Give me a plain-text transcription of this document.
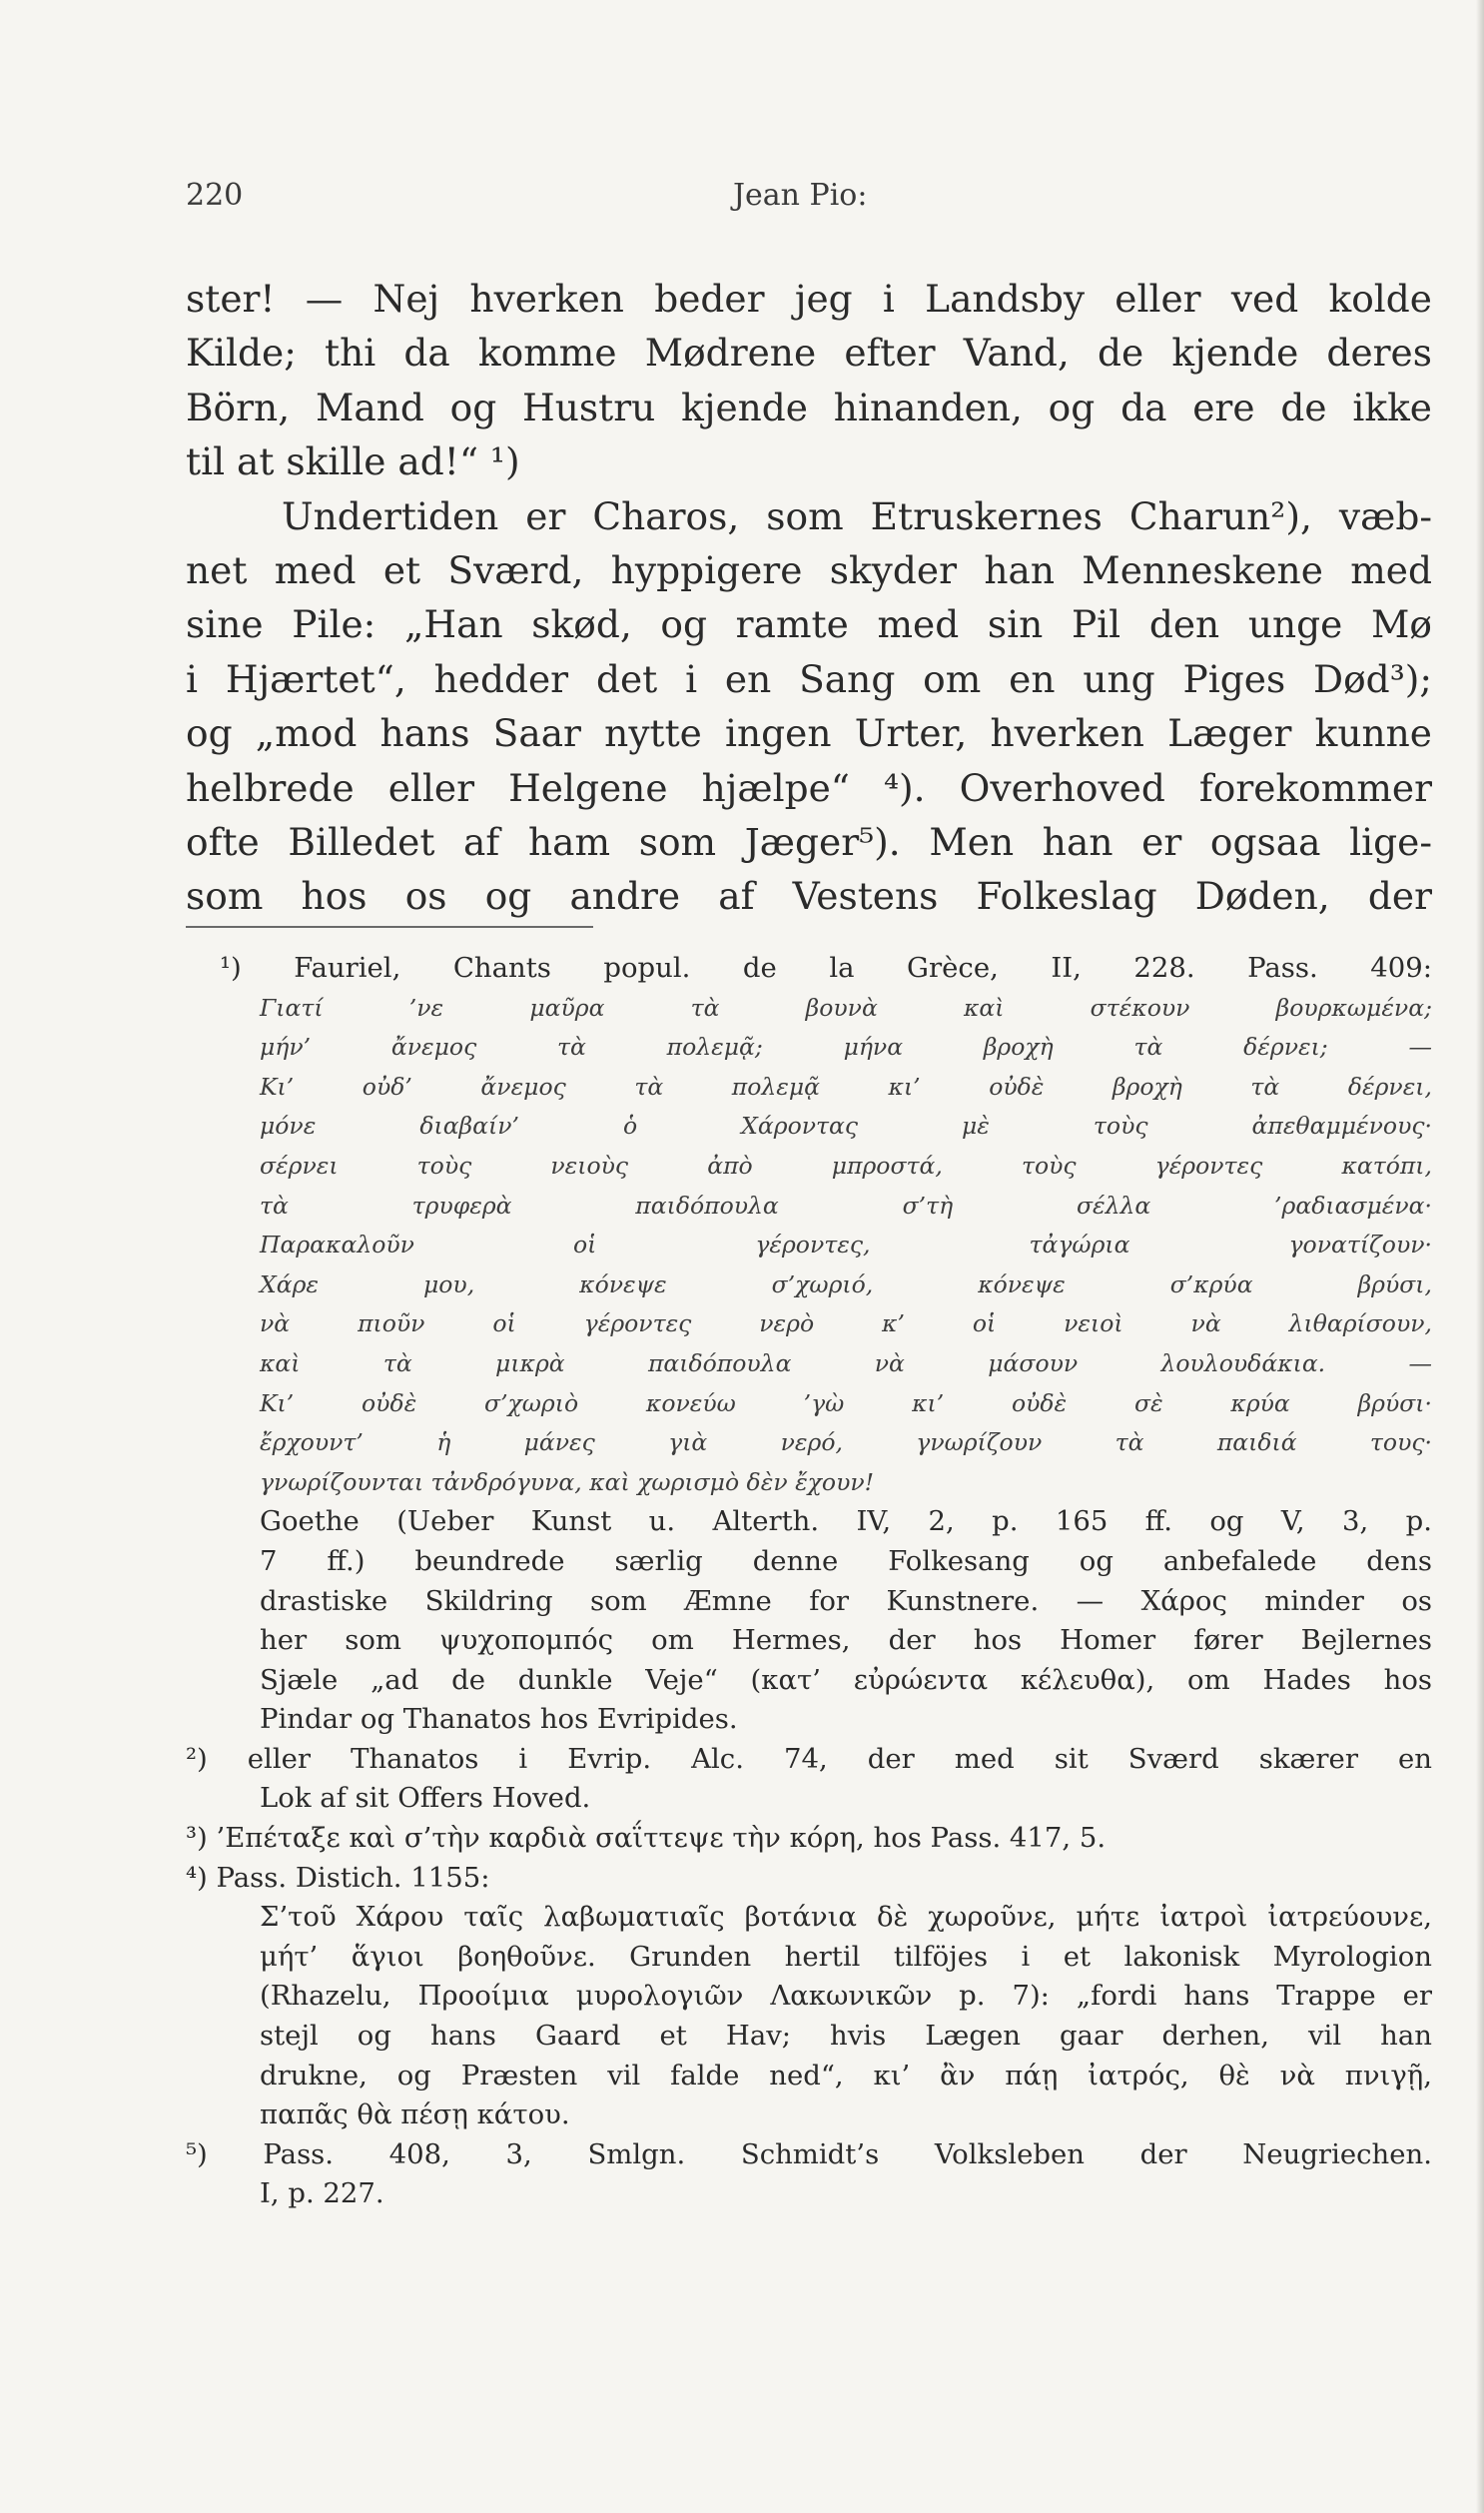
220	Jean Pio:
ster! — Nej hverken beder jeg i Landsby eller ved kolde
Kilde; thi da komme Mødrene efter Vand, de kjende deres
Börn, Mand og Hustru kjende hinanden, og da ere de ikke
til at skille ad!“ ¹)
Undertiden er Charos, som Etruskernes Charun²), væb-
net med et Sværd, hyppigere skyder han Menneskene med
sine Pile: „Han skød, og ramte med sin Pil den unge Mø
i Hjærtet“, hedder det i en Sang om en ung Piges Død³);
og „mod hans Saar nytte ingen Urter, hverken Læger kunne
helbrede eller Helgene hjælpe“ ⁴). Overhoved forekommer
ofte Billedet af ham som Jæger⁵). Men han er ogsaa lige-
som hos os og andre af Vestens Folkeslag Døden, der
¹) Fauriel, Chants popul. de la Grèce, II, 228. Pass. 409:
Γιατί ’νε μαῦρα τὰ βουνὰ καὶ στέκουν βουρκωμένα;
μήν’ ἄνεμος τὰ πολεμᾷ; μήνα βροχὴ τὰ δέρνει; —
Κι’ οὐδ’ ἄνεμος τὰ πολεμᾷ κι’ οὐδὲ βροχὴ τὰ δέρνει,
μόνε διαβαίν’ ὁ Χάροντας μὲ τοὺς ἀπεθαμμένους·
σέρνει τοὺς νειοὺς ἀπὸ μπροστά, τοὺς γέροντες κατόπι,
τὰ τρυφερὰ παιδόπουλα σ’τὴ σέλλα ’ραδιασμένα·
Παρακαλοῦν οἱ γέροντες, τἀγώρια γονατίζουν·
Χάρε μου, κόνεψε σ’χωριό, κόνεψε σ’κρύα βρύσι,
νὰ πιοῦν οἱ γέροντες νερὸ κ’ οἱ νειοὶ νὰ λιθαρίσουν,
καὶ τὰ μικρὰ παιδόπουλα νὰ μάσουν λουλουδάκια. —
Κι’ οὐδὲ σ’χωριὸ κονεύω ’γὼ κι’ οὐδὲ σὲ κρύα βρύσι·
ἔρχουντ’ ἡ μάνες γιὰ νερό, γνωρίζουν τὰ παιδιά τους·
γνωρίζουνται τἀνδρόγυνα, καὶ χωρισμὸ δὲν ἔχουν!
Goethe (Ueber Kunst u. Alterth. IV, 2, p. 165 ff. og V, 3, p.
7 ff.) beundrede særlig denne Folkesang og anbefalede dens
drastiske Skildring som Æmne for Kunstnere. — Χάρος minder os
her som ψυχοπομπός om Hermes, der hos Homer fører Bejlernes
Sjæle „ad de dunkle Veje“ (κατ’ εὐρώεντα κέλευθα), om Hades hos
Pindar og Thanatos hos Evripides.
²) eller Thanatos i Evrip. Alc. 74, der med sit Sværd skærer en
Lok af sit Offers Hoved.
³) ’Επέταξε καὶ σ’τὴν καρδιὰ σαΐττεψε τὴν κόρη, hos Pass. 417, 5.
⁴) Pass. Distich. 1155:
Σ’τοῦ Χάρου ταῖς λαβωματιαῖς βοτάνια δὲ χωροῦνε, μήτε ἰατροὶ ἰατρεύουνε,
μήτ’ ἅγιοι βοηθοῦνε. Grunden hertil tilföjes i et lakonisk Myrologion
(Rhazelu, Προοίμια μυρολογιῶν Λακωνικῶν p. 7): „fordi hans Trappe er
stejl og hans Gaard et Hav; hvis Lægen gaar derhen, vil han
drukne, og Præsten vil falde ned“, κι’ ἂν πάῃ ἰατρός, θὲ νὰ πνιγῇ,
παπᾶς θὰ πέσῃ κάτου.
⁵) Pass. 408, 3, Smlgn. Schmidt’s Volksleben der Neugriechen.
I, p. 227.
